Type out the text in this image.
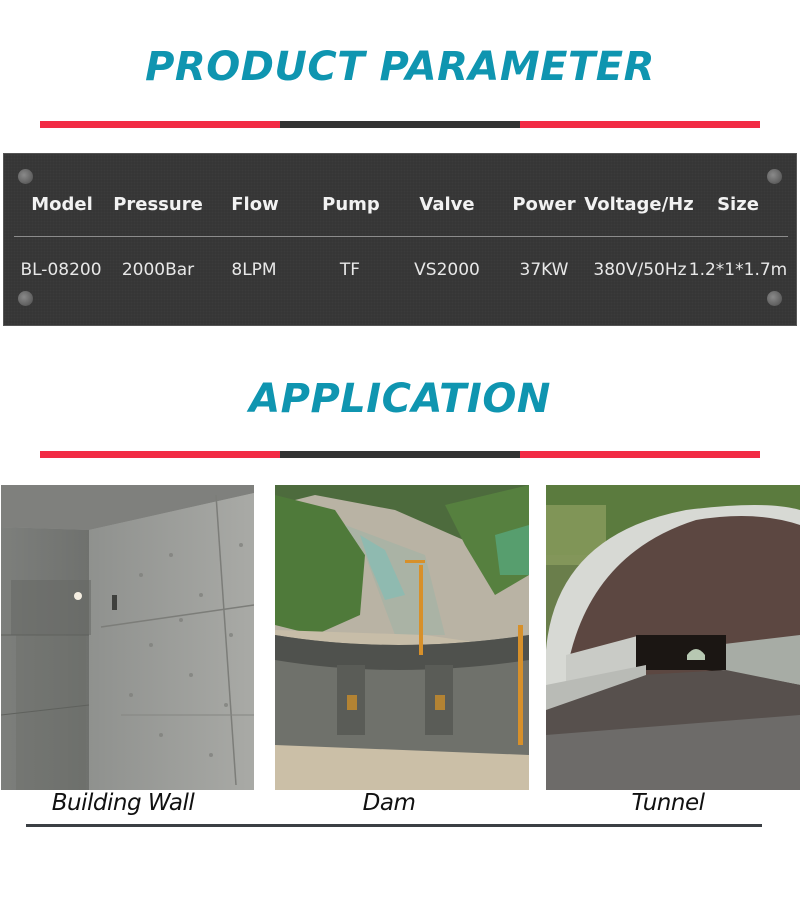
PRODUCT PARAMETER
Model Pressure Flow Pump Valve Power Voltage/Hz Size
BL-08200 2000Bar 8LPM	TF	VS2000 37KW 380V/50Hz 1.2*1*1.7m
APPLICATION
Building Wall	Dam	Tunnel
